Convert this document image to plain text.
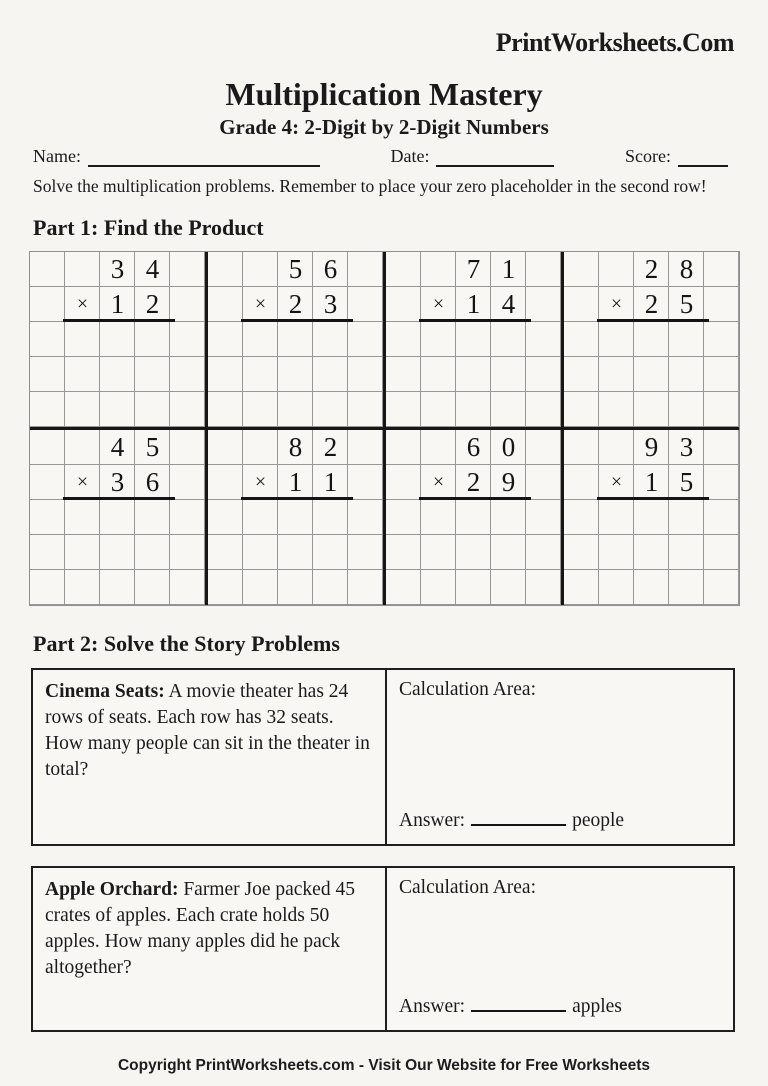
PrintWorksheets.Com
Multiplication Mastery
Grade 4: 2-Digit by 2-Digit Numbers
Name:	Date:	Score:
Solve the multiplication problems. Remember to place your zero placeholder in the second row!
Part 1: Find the Product
3 4
× 1 2
5 6
× 2 3
7 1
× 1 4
2 8
× 2 5
4 5
× 3 6
8 2
× 1 1
6 0
× 2 9
9 3
× 1 5
Part 2: Solve the Story Problems
Cinema Seats: A movie theater has 24 rows of seats. Each row has 32 seats. How many people can sit in the theater in total?
Calculation Area:
Answer:	people
Apple Orchard: Farmer Joe packed 45 crates of apples. Each crate holds 50 apples. How many apples did he pack altogether?
Calculation Area:
Answer:	apples
Copyright PrintWorksheets.com - Visit Our Website for Free Worksheets
